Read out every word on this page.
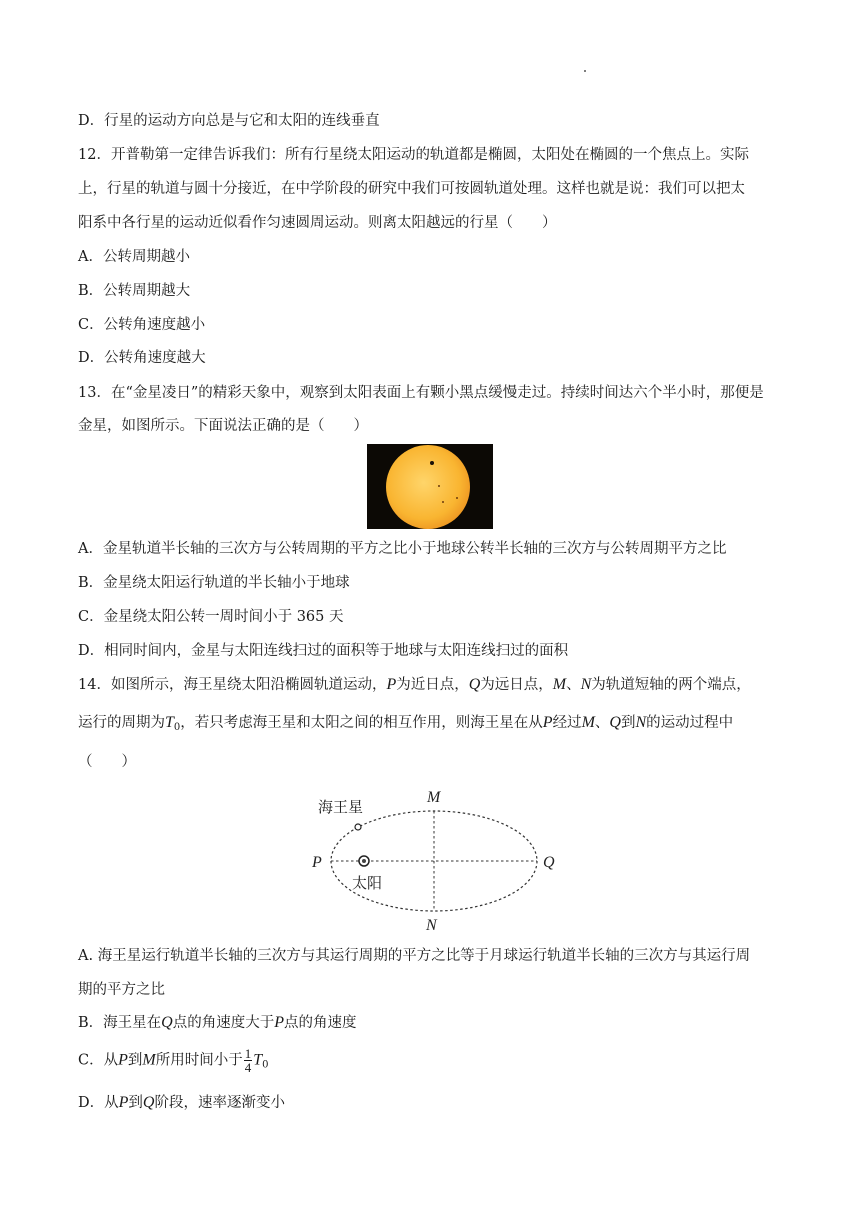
D．行星的运动方向总是与它和太阳的连线垂直
12．开普勒第一定律告诉我们：所有行星绕太阳运动的轨道都是椭圆，太阳处在椭圆的一个焦点上。实际
上，行星的轨道与圆十分接近，在中学阶段的研究中我们可按圆轨道处理。这样也就是说：我们可以把太
阳系中各行星的运动近似看作匀速圆周运动。则离太阳越远的行星（　　）
A．公转周期越小
B．公转周期越大
C．公转角速度越小
D．公转角速度越大
13．在“金星凌日”的精彩天象中，观察到太阳表面上有颗小黑点缓慢走过。持续时间达六个半小时，那便是
金星，如图所示。下面说法正确的是（　　）
A．金星轨道半长轴的三次方与公转周期的平方之比小于地球公转半长轴的三次方与公转周期平方之比
B．金星绕太阳运行轨道的半长轴小于地球
C．金星绕太阳公转一周时间小于 365 天
D．相同时间内，金星与太阳连线扫过的面积等于地球与太阳连线扫过的面积
14．如图所示，海王星绕太阳沿椭圆轨道运动，P为近日点，Q为远日点，M、N为轨道短轴的两个端点，
运行的周期为$T_0$，若只考虑海王星和太阳之间的相互作用，则海王星在从P经过M、Q到N的运动过程中
（　　）
海王星
太阳
M
N
P	Q
A. 海王星运行轨道半长轴的三次方与其运行周期的平方之比等于月球运行轨道半长轴的三次方与其运行周
期的平方之比
B．海王星在Q点的角速度大于P点的角速度
C．从P到M所用时间小于 $\frac{1}{4} T_0$
D．从P到Q阶段，速率逐渐变小
